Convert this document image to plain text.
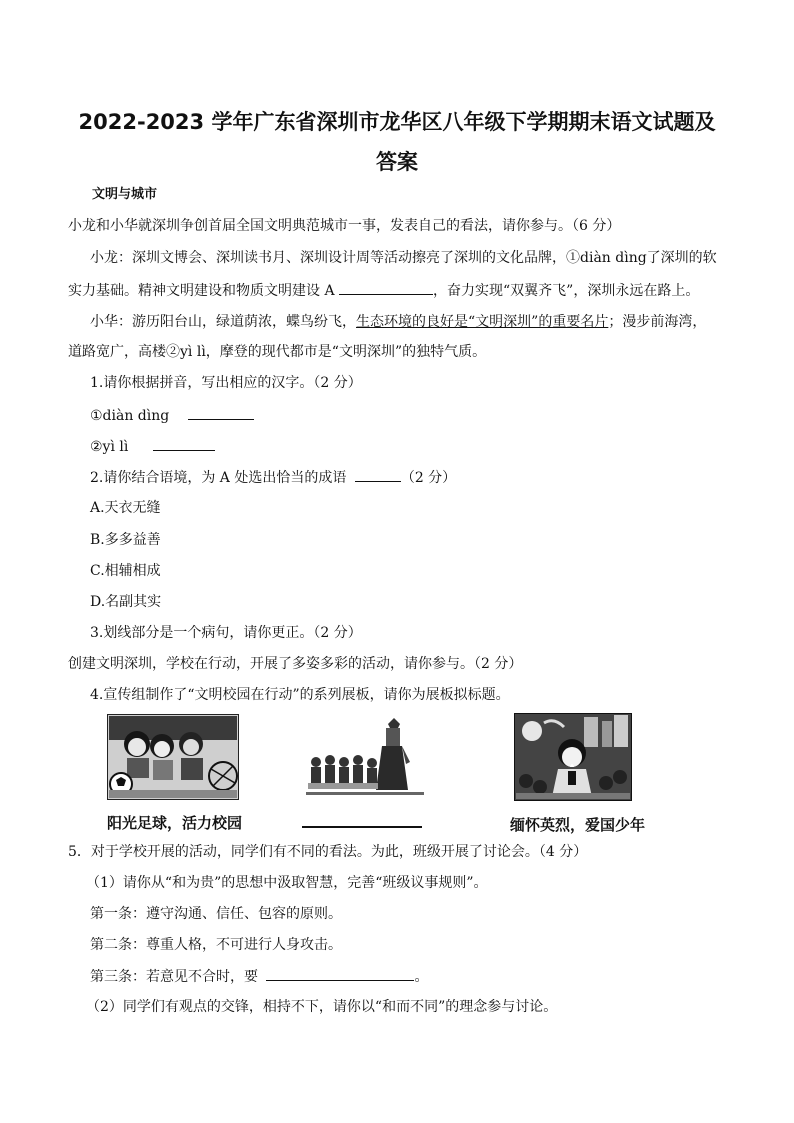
2022-2023 学年广东省深圳市龙华区八年级下学期期末语文试题及
答案
文明与城市
小龙和小华就深圳争创首届全国文明典范城市一事，发表自己的看法，请你参与。（6 分）
小龙：深圳文博会、深圳读书月、深圳设计周等活动擦亮了深圳的文化品牌，①diàn dìng了深圳的软
实力基础。精神文明建设和物质文明建设 A	，奋力实现“双翼齐飞”，深圳永远在路上。
小华：游历阳台山，绿道荫浓，蝶鸟纷飞，生态环境的良好是“文明深圳”的重要名片；漫步前海湾，
道路宽广，高楼②yì lì，摩登的现代都市是“文明深圳”的独特气质。
1.请你根据拼音，写出相应的汉字。（2 分）
①diàn dìng
②yì lì
2.请你结合语境，为 A 处选出恰当的成语	（2 分）
A.天衣无缝
B.多多益善
C.相辅相成
D.名副其实
3.划线部分是一个病句，请你更正。（2 分）
创建文明深圳，学校在行动，开展了多姿多彩的活动，请你参与。（2 分）
4.宣传组制作了“文明校园在行动”的系列展板，请你为展板拟标题。
阳光足球，活力校园	缅怀英烈，爱国少年
5．对于学校开展的活动，同学们有不同的看法。为此，班级开展了讨论会。（4 分）
（1）请你从“和为贵”的思想中汲取智慧，完善“班级议事规则”。
第一条：遵守沟通、信任、包容的原则。
第二条：尊重人格，不可进行人身攻击。
第三条：若意见不合时，要	。
（2）同学们有观点的交锋，相持不下，请你以“和而不同”的理念参与讨论。
